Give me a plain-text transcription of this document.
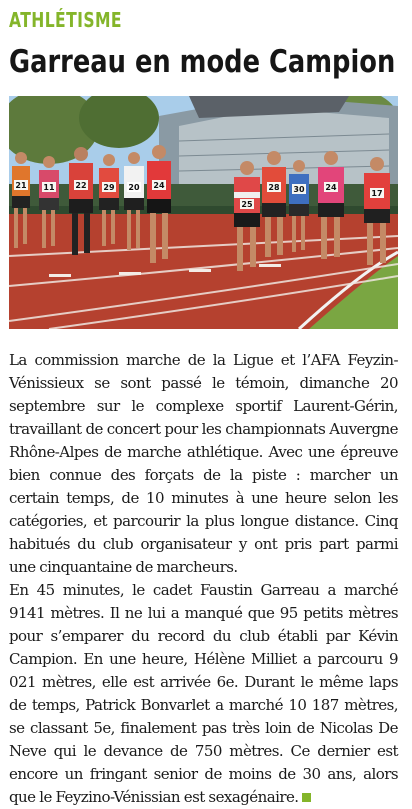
ATHLÉTISME
Garreau en mode Campion
21 11	22 29 20 24
25
28 30	24
17

La commission marche de la Ligue et l’AFA Feyzin-Vénissieux se sont passé le témoin, dimanche 20 septembre sur le complexe sportif Laurent-Gérin, travaillant de concert pour les championnats Auvergne Rhône-Alpes de marche athlétique. Avec une épreuve bien connue des forçats de la piste : marcher un certain temps, de 10 minutes à une heure selon les catégories, et parcourir la plus longue distance. Cinq habitués du club organisateur y ont pris part parmi une cinquantaine de marcheurs.

En 45 minutes, le cadet Faustin Garreau a marché 9141 mètres. Il ne lui a manqué que 95 petits mètres pour s’emparer du record du club établi par Kévin Campion. En une heure, Hélène Milliet a parcouru 9 021 mètres, elle est arrivée 6e. Durant le même laps de temps, Patrick Bonvarlet a marché 10 187 mètres, se classant 5e, finalement pas très loin de Nicolas De Neve qui le devance de 750 mètres. Ce dernier est encore un fringant senior de moins de 30 ans, alors que le Feyzino-Vénissian est sexagénaire.
